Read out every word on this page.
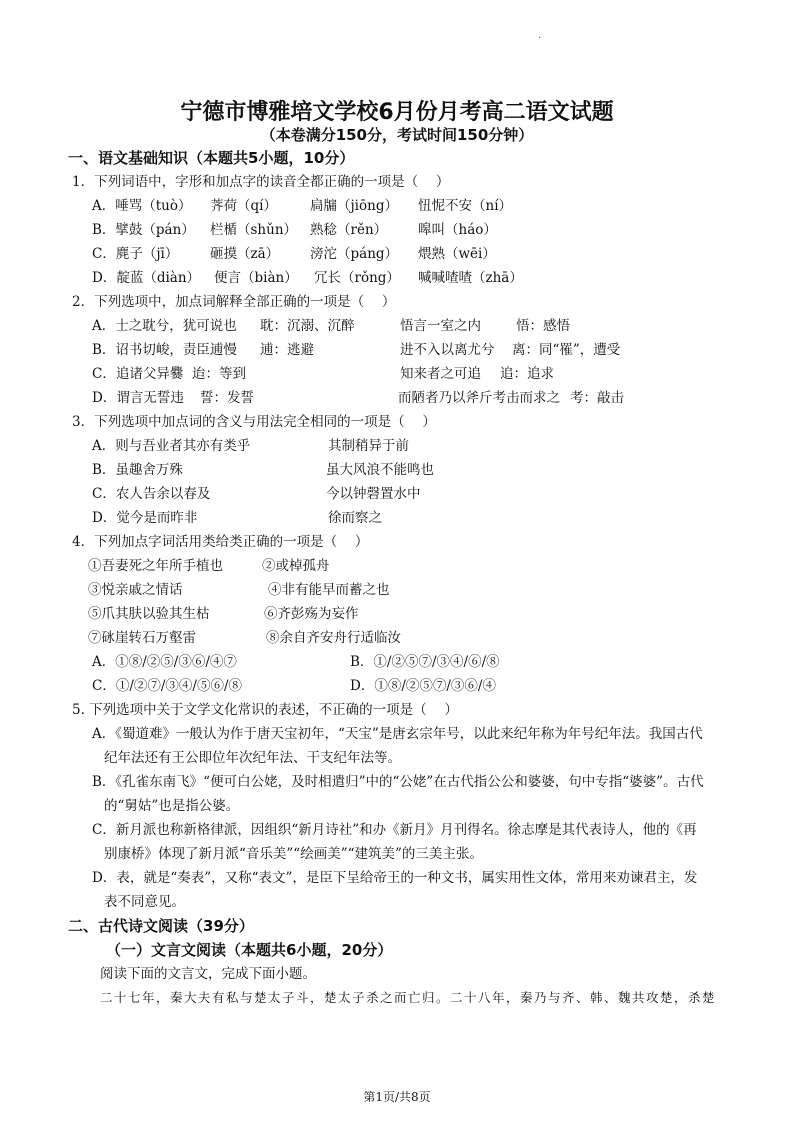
.
宁德市博雅培文学校6月份月考高二语文试题
（本卷满分150分，考试时间150分钟）
一、语文基础知识（本题共5小题，10分）
1．下列词语中，字形和加点字的读音全都正确的一项是（　 ）
A．唾骂（tuò） 荠荷（qí） 扃牖（jiōng） 忸怩不安（ní）
B．擘鼓（pán） 栏楯（shǔn） 熟稔（rěn） 嗥叫（háo）
C．麂子（jī） 砸摸（zā） 滂沱（páng） 煨熟（wēi）
D．靛蓝（diàn） 便言（biàn） 冗长（rǒng） 喊喊喳喳（zhā）
2．下列选项中，加点词解释全部正确的一项是（　 ）
A．士之耽兮，犹可说也 耽：沉溺、沉醉	悟言一室之内	悟：感悟
B．诏书切峻，责臣逋慢 逋：逃避	进不入以离尤兮 离：同“罹”，遭受
C．追诸父异爨 迨：等到	知来者之可追 追：追求
D．谓言无誓违 誓：发誓	而陋者乃以斧斤考击而求之 考：敲击
3．下列选项中加点词的含义与用法完全相同的一项是（　 ）
A．则与吾业者其亦有类乎	其制稍异于前
B．虽趣舍万殊	虽大风浪不能鸣也
C．农人告余以春及	今以钟磬置水中
D．觉今是而昨非	徐而察之
4．下列加点字词活用类给类正确的一项是（　 ）
①吾妻死之年所手植也	②或棹孤舟
③悦亲戚之情话	④非有能早而蓄之也
⑤爪其肤以验其生枯	⑥齐彭殇为妄作
⑦砯崖转石万壑雷	⑧余自齐安舟行适临汝
A．①⑧/②⑤/③⑥/④⑦	B．①/②⑤⑦/③④/⑥/⑧
C．①/②⑦/③④/⑤⑥/⑧	D．①⑧/②⑤⑦/③⑥/④
5. 下列选项中关于文学文化常识的表述，不正确的一项是（　 ）
A．《蜀道难》一般认为作于唐天宝初年，“天宝”是唐玄宗年号，以此来纪年称为年号纪年法。我国古代
纪年法还有王公即位年次纪年法、干支纪年法等。
B．《孔雀东南飞》“便可白公姥，及时相遣归”中的“公姥”在古代指公公和婆婆，句中专指“婆婆”。古代
的“舅姑”也是指公婆。
C．新月派也称新格律派，因组织“新月诗社”和办《新月》月刊得名。徐志摩是其代表诗人，他的《再
别康桥》体现了新月派“音乐美”“绘画美”“建筑美”的三美主张。
D．表，就是“奏表”，又称“表文”，是臣下呈给帝王的一种文书，属实用性文体，常用来劝谏君主，发
表不同意见。
二、古代诗文阅读（39分）
（一）文言文阅读（本题共6小题，20分）
阅读下面的文言文，完成下面小题。
二十七年，秦大夫有私与楚太子斗，楚太子杀之而亡归。二十八年，秦乃与齐、韩、魏共攻楚，杀楚
第1页/共8页
